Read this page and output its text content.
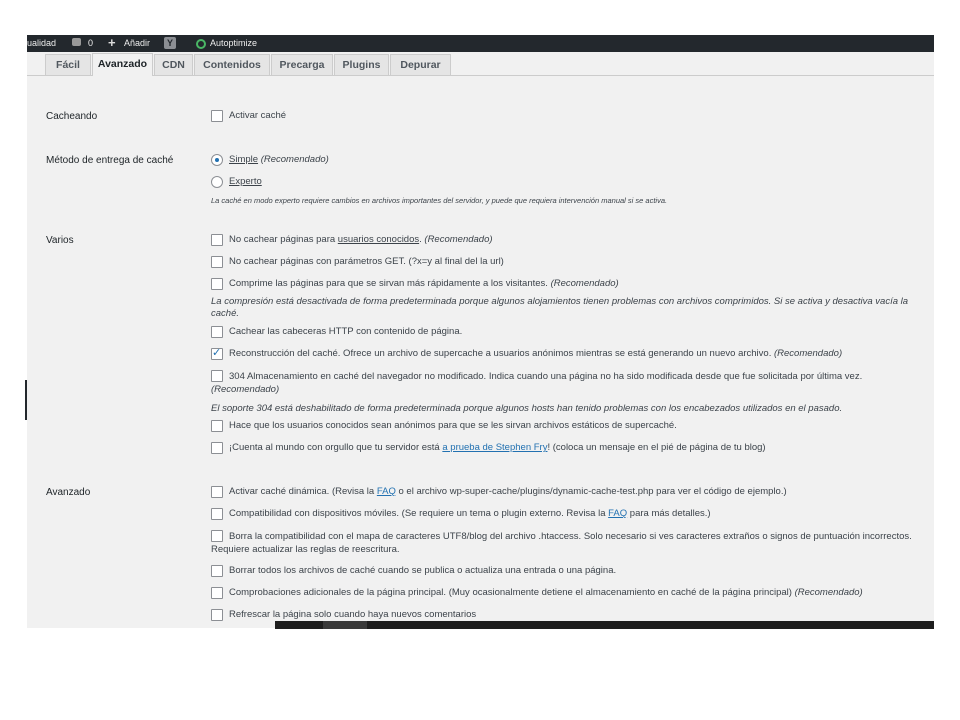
ualidad	0 + Añadir	Y	Autoptimize
Fácil	Avanzado	CDN	Contenidos	Precarga	Plugins	Depurar
Cacheando	Activar caché
Método de entrega de caché	Simple (Recomendado)
Experto
La caché en modo experto requiere cambios en archivos importantes del servidor, y puede que requiera intervención manual si se activa.
Varios	No cachear páginas para usuarios conocidos. (Recomendado)
No cachear páginas con parámetros GET. (?x=y al final del la url)
Comprime las páginas para que se sirvan más rápidamente a los visitantes. (Recomendado)
La compresión está desactivada de forma predeterminada porque algunos alojamientos tienen problemas con archivos comprimidos. Si se activa y desactiva vacía la caché.
Cachear las cabeceras HTTP con contenido de página.
✓
Reconstrucción del caché. Ofrece un archivo de supercache a usuarios anónimos mientras se está generando un nuevo archivo. (Recomendado)
304 Almacenamiento en caché del navegador no modificado. Indica cuando una página no ha sido modificada desde que fue solicitada por última vez. (Recomendado)
El soporte 304 está deshabilitado de forma predeterminada porque algunos hosts han tenido problemas con los encabezados utilizados en el pasado.
Hace que los usuarios conocidos sean anónimos para que se les sirvan archivos estáticos de supercaché.
¡Cuenta al mundo con orgullo que tu servidor está a prueba de Stephen Fry! (coloca un mensaje en el pié de página de tu blog)
Avanzado	Activar caché dinámica. (Revisa la FAQ o el archivo wp-super-cache/plugins/dynamic-cache-test.php para ver el código de ejemplo.)
Compatibilidad con dispositivos móviles. (Se requiere un tema o plugin externo. Revisa la FAQ para más detalles.)
Borra la compatibilidad con el mapa de caracteres UTF8/blog del archivo .htaccess. Solo necesario si ves caracteres extraños o signos de puntuación incorrectos. Requiere actualizar las reglas de reescritura.
Borrar todos los archivos de caché cuando se publica o actualiza una entrada o una página.
Comprobaciones adicionales de la página principal. (Muy ocasionalmente detiene el almacenamiento en caché de la página principal) (Recomendado)
Refrescar la página solo cuando haya nuevos comentarios
